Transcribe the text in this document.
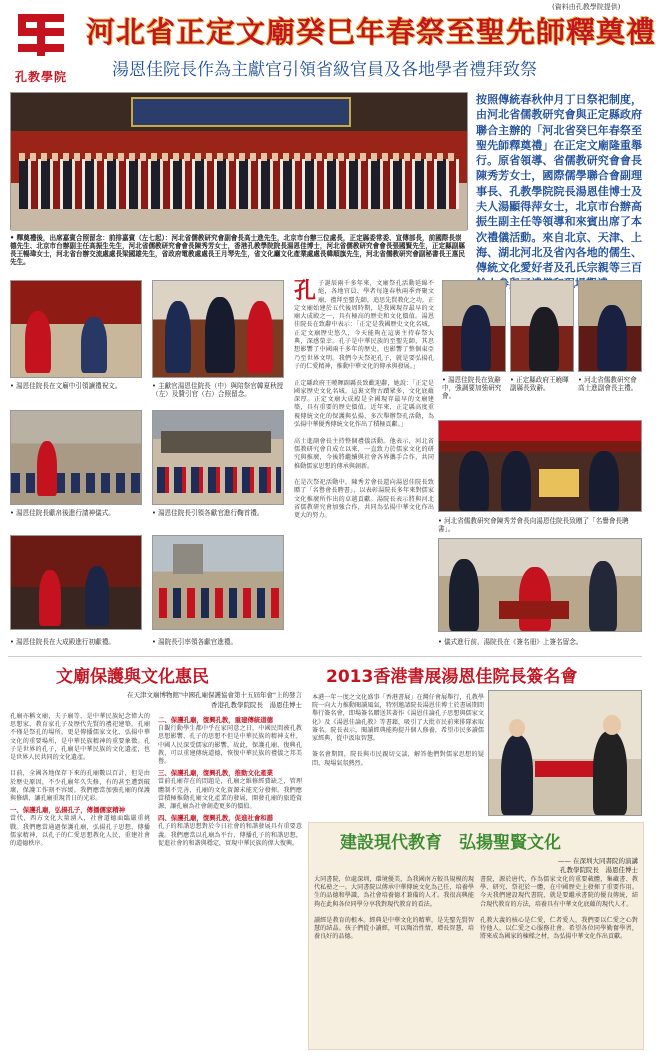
(資料由孔教學院提供)
孔教學院
河北省正定文廟癸巳年春祭至聖先師釋奠禮
湯恩佳院長作為主獻官引領省級官員及各地學者禮拜致祭
• 釋奠禮後，出席嘉賓合照留念：前排嘉賓（左七起）：河北省儒教研究會副會長高士進先生，北京市台辦三位處長，正定縣委常委、宣傳部長，前國際長崇德先生、北京市台辦副主任高振生先生，河北省儒教研究會會長陳秀芳女士，香港孔教學院院長湯恩佳博士，河北省儒教研究會會長張國賢先生，正定縣副縣長王暢瑋女士，河北省台辦交流處處長梁國雄先生，省政府電教處處長王月琴先生，省文化廳文化產業處處長韓順旗先生，河北省儒教研究會副秘書長王惠民先生。
按照傳統春秋仲月丁日祭祀制度，由河北省儒教研究會與正定縣政府聯合主辦的「河北省癸巳年春祭至聖先師釋奠禮」在正定文廟隆重舉行。原省領導、省儒教研究會會長陳秀芳女士，國際儒學聯合會副理事長、孔教學院院長湯恩佳博士及夫人湯顯得萍女士，北京市台辦高振生副主任等領導和來賓出席了本次禮儀活動。來自北京、天津、上海、湖北河北及省內各地的儒生、傳統文化愛好者及孔氏宗親等三百餘人參與了禮
• 湯恩佳院長在文廟中引領讀禮祝文。	• 主獻官湯恩佳院長（中）與陪祭官韓夏秋授（左）及贊引官（右）合照留念。
• 湯恩佳院長獻帛後進行請神儀式。	• 湯恩佳院長引領各獻官進行鞠首禮。
• 湯恩佳院長在大成殿進行初獻禮。	• 湯院長引率領各獻官進禮。
孔 子誕辰兩千多年來，文廟祭孔活動延綿不絕，各地官員、學者每逢春秋兩季齊聚文廟，禮拜至聖先師，追思先賢教化之功。正定文廟始建於五代後周時期，是我國現存最早的文廟大成殿之一，具有極高的歷史和文化價值。湯恩佳院長在致辭中表示：「正定是我國歷史文化名城，正定文廟歷史悠久，今天能夠在這裏主持春祭大典，深感榮幸。孔子是中華民族的至聖先師，其思想影響了中國兩千多年的歷史，也影響了整個東亞乃至世界文明。我們今天祭祀孔子，就是要弘揚孔子的仁愛精神，推動中華文化的傳承與發展。」

正定縣政府王曉暉副縣長致歡迎辭，她說：「正定是國家歷史文化名城，這裏文物古蹟眾多，文化底蘊深厚。正定文廟大成殿是全國現存最早的文廟建築，具有重要的歷史價值。近年來，正定縣高度重視傳統文化的保護與弘揚，多次舉辦祭孔活動，為弘揚中華優秀傳統文化作出了積極貢獻。」

高士進副會長主持整個禮儀活動。他表示，河北省儒教研究會自成立以來，一直致力於儒家文化的研究與推廣，今後將繼續與社會各界攜手合作，共同推動儒家思想的傳承與創新。

在是次祭祀活動中，陳秀芳會長還向湯恩佳院長致贈了「名譽會長聘書」，以表彰湯院長多年來對儒家文化推廣所作出的卓越貢獻。湯院長表示將與河北省儒教研究會加強合作，共同為弘揚中華文化作出更大的努力。
• 湯恩佳院長在致辭中，強調要加強研究會。
• 正定縣政府王曉暉副縣長致辭。
• 河北省儒教研究會高士進副會長主禮。
• 河北省儒教研究會陳秀芳會長向湯恩佳院長致贈了「名譽會長聘書」。
• 儀式進行前，湯院長在《簽名冊》上簽名留念。
文廟保護與文化惠民
在天津文廟博物館"中國孔廟保護協會第十五屆年會"上的發言
香港孔教學院院長　湯恩佳博士
孔廟亦稱文廟，夫子廟等，是中華民族紀念偉大的思想家、教育家孔子及歷代先賢的禮祀建築。孔廟不僅是祭孔的場所，更是傳播儒家文化、弘揚中華文化的重要場所，是中華民族精神的重要象徵。孔子是世界的孔子，孔廟是中華民族的文化遺產，也是世界人民共同的文化遺產。

目前，全國各地保存下來的孔廟數以百計，但是由於歷史原因，不少孔廟年久失修，有的甚至遭到破壞，保護工作刻不容緩。我們應當加強孔廟的保護與修繕，讓孔廟重現昔日的光彩。
一、保護孔廟，弘揚孔子，傳播儒家精神
當代，西方文化大量湧入，社會道德面臨嚴重挑戰。我們應當通過保護孔廟，弘揚孔子思想，傳播儒家精神，以孔子的仁愛思想教化人民，重建社會的道德秩序。
二、保護孔廟，復興孔教，重建傳統道德
自觀行動學生都中乎在家同意之日，中國民間被孔教思想影響，孔子的思想不但是中華民族的精神支柱，中國人民深受儒家的影響，故此，保護孔廟、復興孔教，可以重建傳統道德，恢復中華民族的禮儀之邦美譽。
三、保護孔廟，復興孔教，推動文化產業
當前孔廟存在的問題是，孔廟之維修經費缺乏，管理體制不完善，孔廟的文化資源未能充分發揮。我們應當積極推動孔廟文化產業的發展，開發孔廟的旅遊資源，讓孔廟為社會創造更多的價值。
四、保護孔廟，復興孔教，促進社會和諧
孔子的和諧思想對於今日社會的和諧發展具有重要意義。我們應當以孔廟為平台，傳播孔子的和諧思想，促進社會的和諧與穩定，實現中華民族的偉大復興。
2013香港書展湯恩佳院長簽名會
本港一年一度之文化盛事「香港書展」在灣仔會展舉行，孔教學院一向大力推動閱讀風氣，特別邀請院長湯恩佳博士於書展期間舉行簽名會，即場簽名贈送其著作《湯恩佳論孔子思想與儒家文化》及《湯恩佳論孔教》等書籍，吸引了大批市民前來排隊索取簽名。院長表示，閱讀經典能夠提升個人修養，希望市民多讀儒家經典，從中汲取智慧。

簽名會期間，院長與市民親切交談，解答他們對儒家思想的疑問，現場氣氛熱烈。
建設現代教育　弘揚聖賢文化
—— 在深圳大同書院的演講
孔教學院院長　湯恩佳博士
大同書院，位處深圳，環境優美，為我國南方較具規模的現代私塾之一。大同書院以傳承中華傳統文化為己任，培養學生的品德和學識，為社會培養德才兼備的人才。我很高興能夠在此與各位同學分享我對現代教育的看法。

讀經是教育的根本。經典是中華文化的精華，是先聖先賢智慧的結晶。孩子們從小讀經，可以陶冶性情，增長智慧，培養良好的品德。
書院，源於唐代，作為儒家文化的重要載體，集藏書、教學、研究、祭祀於一體，在中國歷史上發揮了重要作用。今天我們建設現代書院，就是要繼承書院的優良傳統，結合現代教育的方法，培養具有中華文化底蘊的現代人才。

孔教大義的核心是仁愛，仁者愛人，我們要以仁愛之心對待他人，以仁愛之心服務社會。希望各位同學勤奮學習，將來成為國家的棟樑之材，為弘揚中華文化作出貢獻。
